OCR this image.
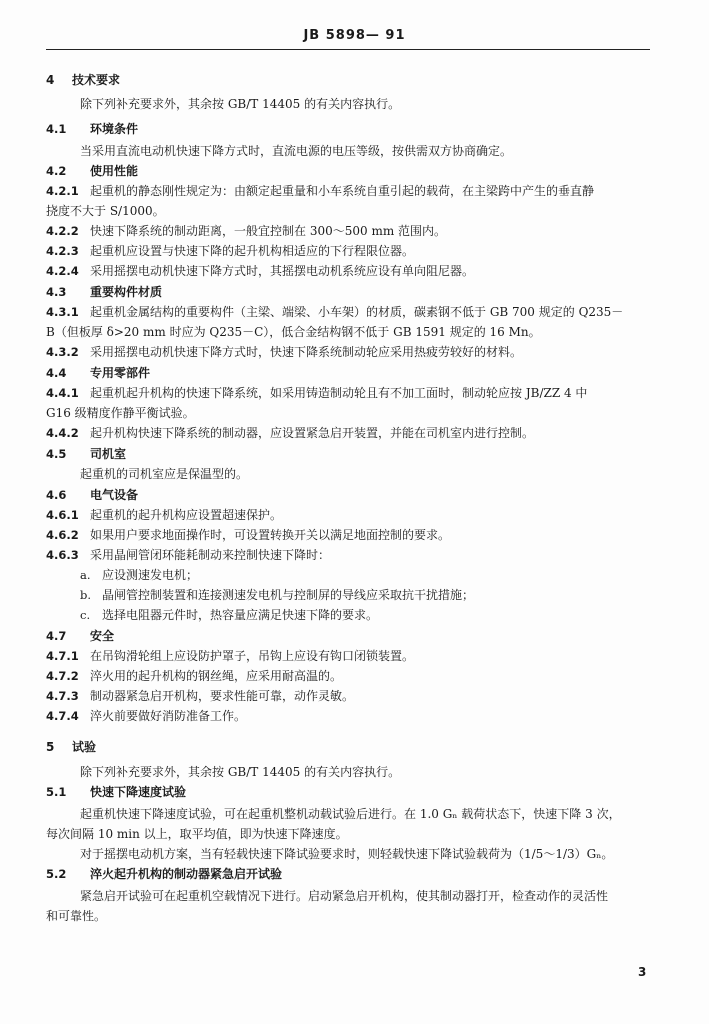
JB 5898— 91
4 技术要求
除下列补充要求外，其余按 GB/T 14405 的有关内容执行。
4.1 环境条件
当采用直流电动机快速下降方式时，直流电源的电压等级，按供需双方协商确定。
4.2 使用性能
4.2.1 起重机的静态刚性规定为：由额定起重量和小车系统自重引起的载荷，在主梁跨中产生的垂直静
挠度不大于 S/1000。
4.2.2 快速下降系统的制动距离，一般宜控制在 300～500 mm 范围内。
4.2.3 起重机应设置与快速下降的起升机构相适应的下行程限位器。
4.2.4 采用摇摆电动机快速下降方式时，其摇摆电动机系统应设有单向阻尼器。
4.3 重要构件材质
4.3.1 起重机金属结构的重要构件（主梁、端梁、小车架）的材质，碳素钢不低于 GB 700 规定的 Q235－
B（但板厚 δ>20 mm 时应为 Q235－C），低合金结构钢不低于 GB 1591 规定的 16 Mn。
4.3.2 采用摇摆电动机快速下降方式时，快速下降系统制动轮应采用热疲劳较好的材料。
4.4 专用零部件
4.4.1 起重机起升机构的快速下降系统，如采用铸造制动轮且有不加工面时，制动轮应按 JB/ZZ 4 中
G16 级精度作静平衡试验。
4.4.2 起升机构快速下降系统的制动器，应设置紧急启开装置，并能在司机室内进行控制。
4.5 司机室
起重机的司机室应是保温型的。
4.6 电气设备
4.6.1 起重机的起升机构应设置超速保护。
4.6.2 如果用户要求地面操作时，可设置转换开关以满足地面控制的要求。
4.6.3 采用晶闸管闭环能耗制动来控制快速下降时：
a. 应设测速发电机；
b. 晶闸管控制装置和连接测速发电机与控制屏的导线应采取抗干扰措施；
c. 选择电阻器元件时，热容量应满足快速下降的要求。
4.7 安全
4.7.1 在吊钩滑轮组上应设防护罩子，吊钩上应设有钩口闭锁装置。
4.7.2 淬火用的起升机构的钢丝绳，应采用耐高温的。
4.7.3 制动器紧急启开机构，要求性能可靠，动作灵敏。
4.7.4 淬火前要做好消防准备工作。
5 试验
除下列补充要求外，其余按 GB/T 14405 的有关内容执行。
5.1 快速下降速度试验
起重机快速下降速度试验，可在起重机整机动载试验后进行。在 1.0 Gₙ 载荷状态下，快速下降 3 次，
每次间隔 10 min 以上，取平均值，即为快速下降速度。
对于摇摆电动机方案，当有轻载快速下降试验要求时，则轻载快速下降试验载荷为（1/5～1/3）Gₙ。
5.2 淬火起升机构的制动器紧急启开试验
紧急启开试验可在起重机空载情况下进行。启动紧急启开机构，使其制动器打开，检查动作的灵活性
和可靠性。
3
